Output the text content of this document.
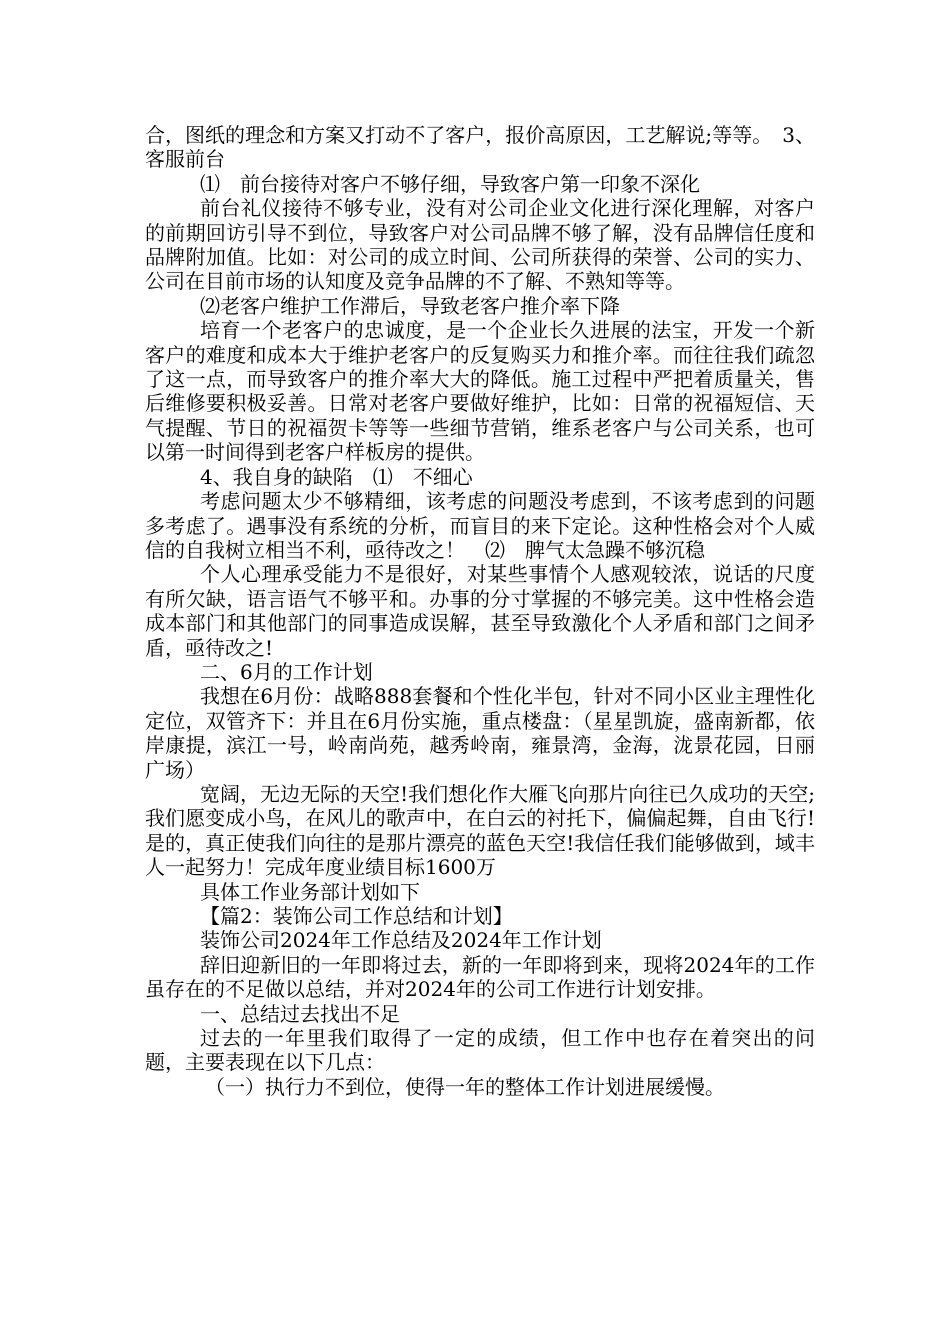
合，图纸的理念和方案又打动不了客户，报价高原因，工艺解说;等等。　3、客服前台

⑴　前台接待对客户不够仔细，导致客户第一印象不深化

前台礼仪接待不够专业，没有对公司企业文化进行深化理解，对客户的前期回访引导不到位，导致客户对公司品牌不够了解，没有品牌信任度和品牌附加值。比如：对公司的成立时间、公司所获得的荣誉、公司的实力、公司在目前市场的认知度及竞争品牌的不了解、不熟知等等。

⑵老客户维护工作滞后，导致老客户推介率下降

培育一个老客户的忠诚度，是一个企业长久进展的法宝，开发一个新客户的难度和成本大于维护老客户的反复购买力和推介率。而往往我们疏忽了这一点，而导致客户的推介率大大的降低。施工过程中严把着质量关，售后维修要积极妥善。日常对老客户要做好维护，比如：日常的祝福短信、天气提醒、节日的祝福贺卡等等一些细节营销，维系老客户与公司关系，也可以第一时间得到老客户样板房的提供。

4、我自身的缺陷　⑴　不细心

考虑问题太少不够精细，该考虑的问题没考虑到，不该考虑到的问题多考虑了。遇事没有系统的分析，而盲目的来下定论。这种性格会对个人威信的自我树立相当不利，亟待改之！　⑵　脾气太急躁不够沉稳

个人心理承受能力不是很好，对某些事情个人感观较浓，说话的尺度有所欠缺，语言语气不够平和。办事的分寸掌握的不够完美。这中性格会造成本部门和其他部门的同事造成误解，甚至导致激化个人矛盾和部门之间矛盾，亟待改之!

二、6月的工作计划

我想在6月份：战略888套餐和个性化半包，针对不同小区业主理性化定位，双管齐下：并且在6月份实施，重点楼盘：（星星凯旋，盛南新都，依岸康提，滨江一号，岭南尚苑，越秀岭南，雍景湾，金海，泷景花园，日丽广场）

宽阔，无边无际的天空!我们想化作大雁飞向那片向往已久成功的天空;我们愿变成小鸟，在风儿的歌声中，在白云的衬托下，偏偏起舞，自由飞行!是的，真正使我们向往的是那片漂亮的蓝色天空!我信任我们能够做到，域丰人一起努力！完成年度业绩目标1600万

具体工作业务部计划如下

【篇2：装饰公司工作总结和计划】

装饰公司2024年工作总结及2024年工作计划

辞旧迎新旧的一年即将过去，新的一年即将到来，现将2024年的工作虽存在的不足做以总结，并对2024年的公司工作进行计划安排。

一、总结过去找出不足

过去的一年里我们取得了一定的成绩，但工作中也存在着突出的问题，主要表现在以下几点：

（一）执行力不到位，使得一年的整体工作计划进展缓慢。
